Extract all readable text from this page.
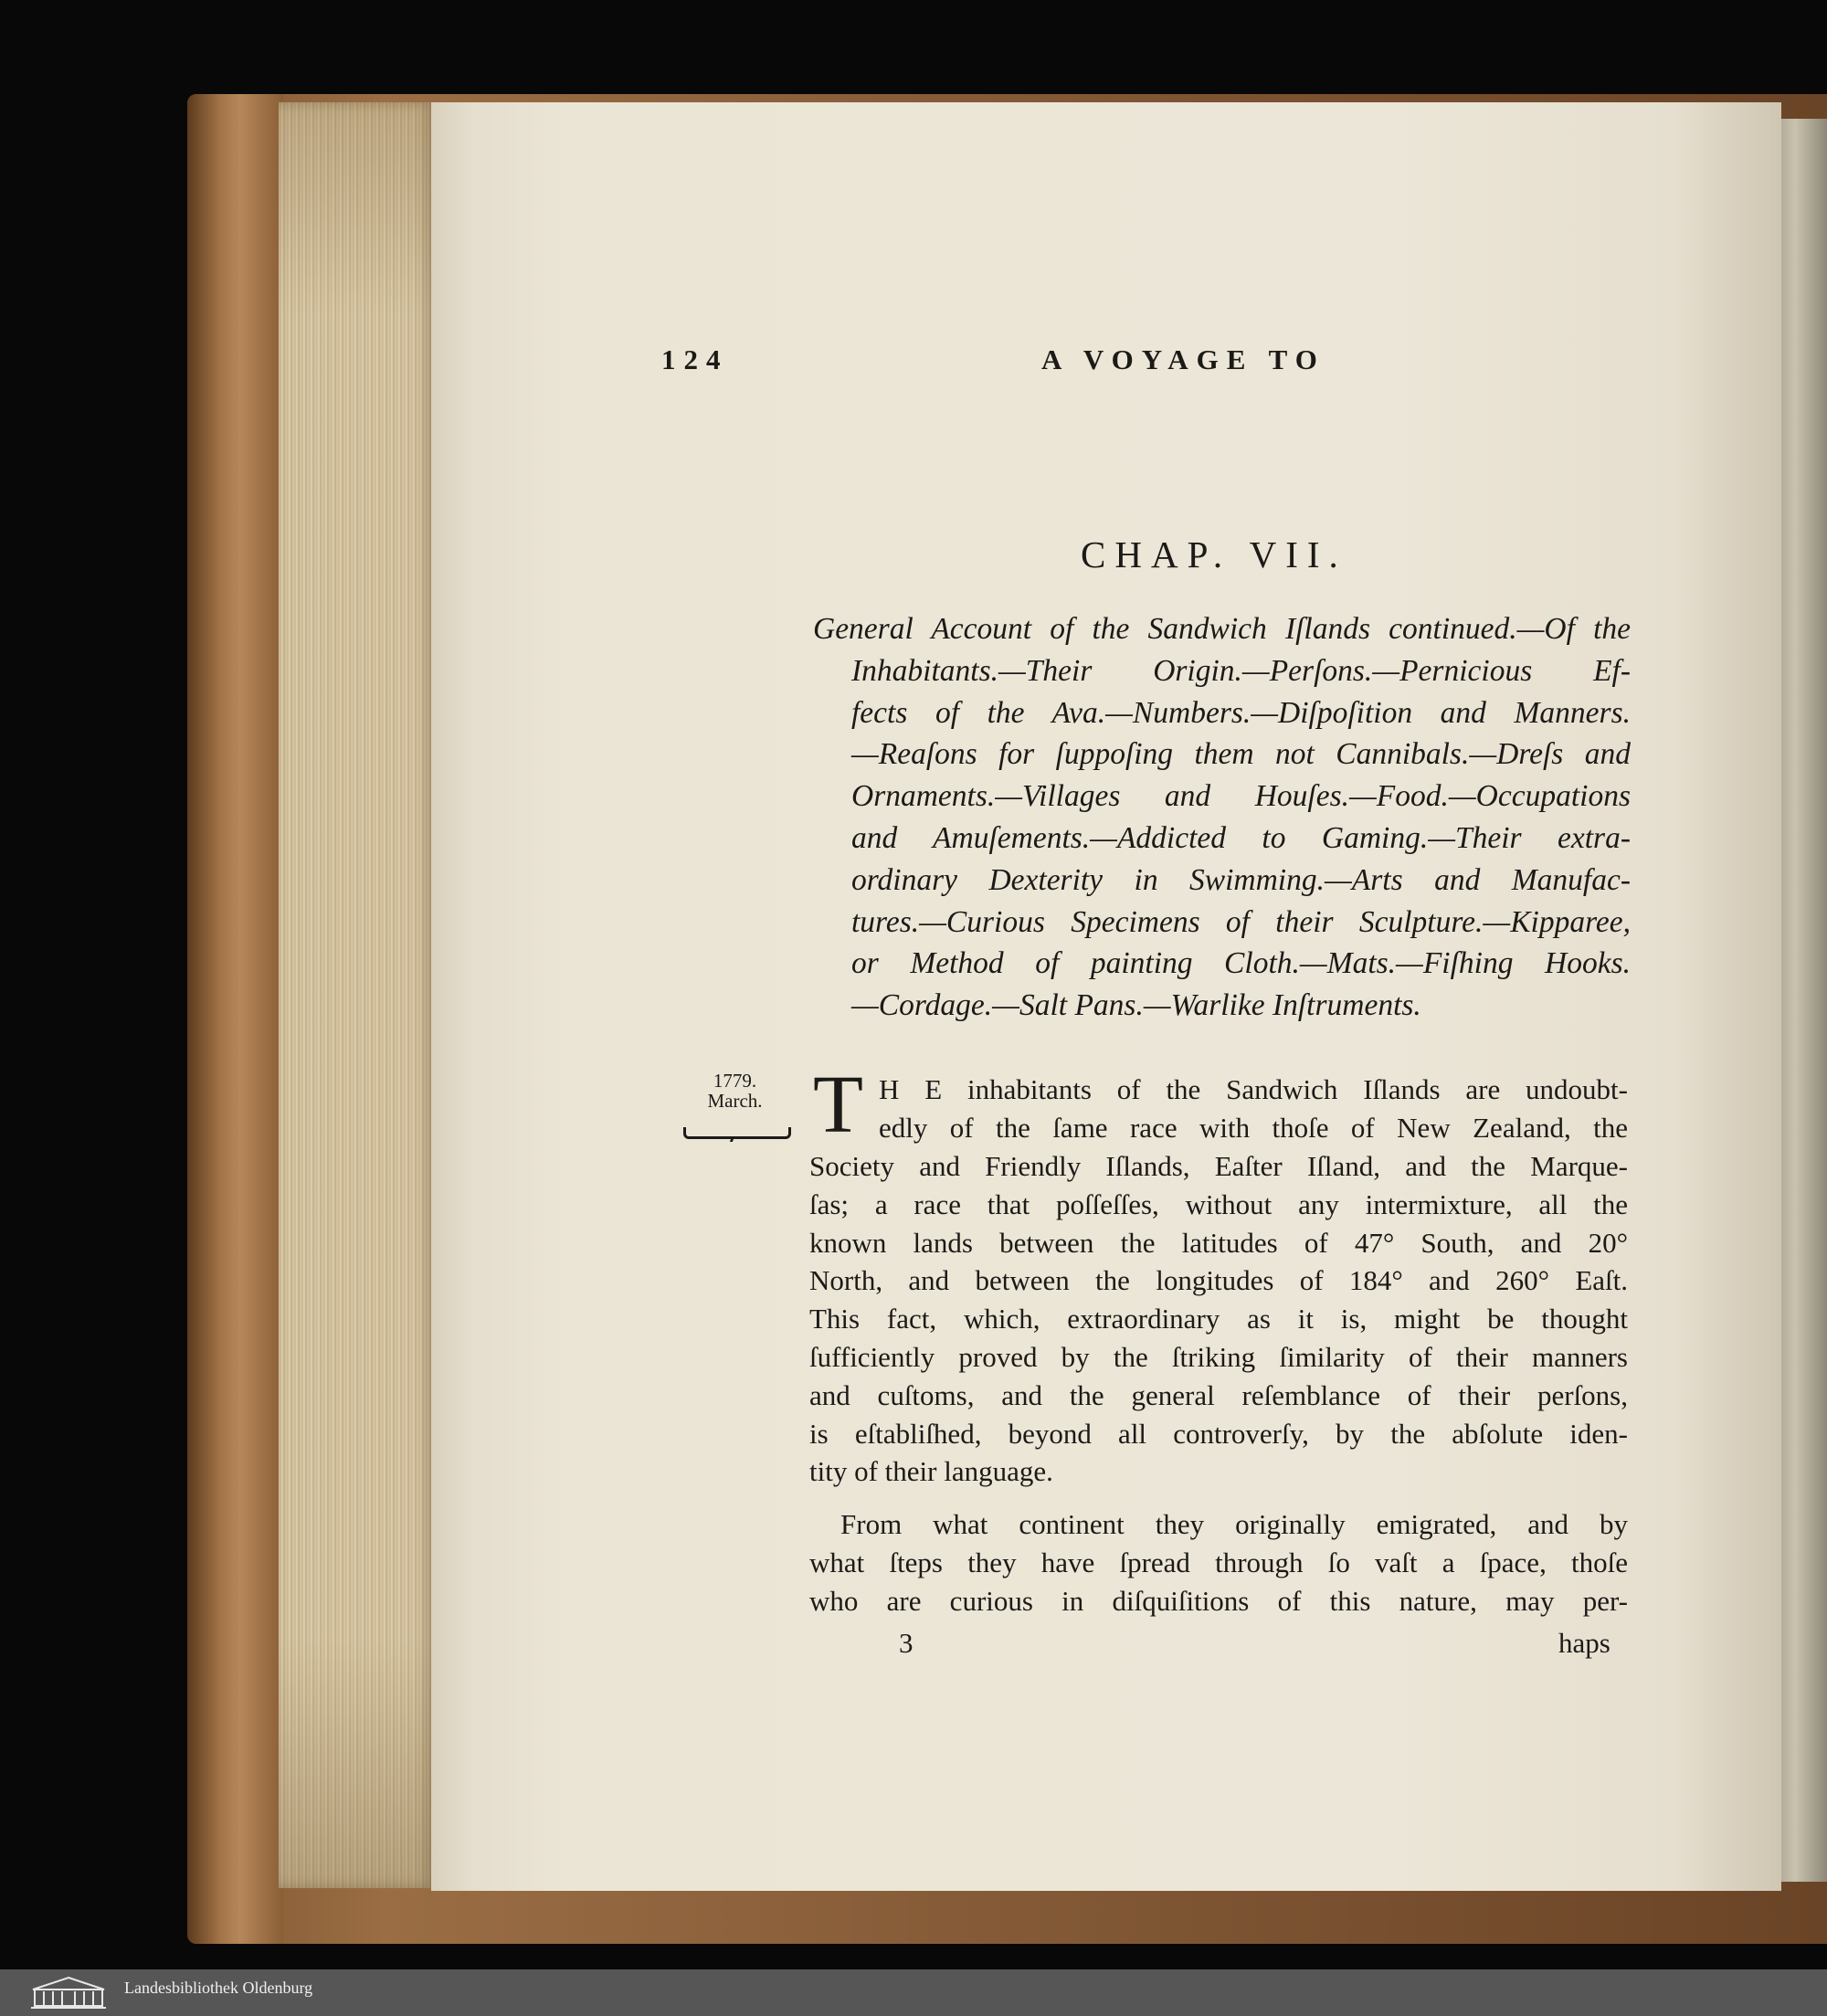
124	A VOYAGE TO
CHAP. VII.
General Account of the Sandwich Iſlands continued.—Of the
Inhabitants.—Their Origin.—Perſons.—Pernicious Ef-
fects of the Ava.—Numbers.—Diſpoſition and Manners.
—Reaſons for ſuppoſing them not Cannibals.—Dreſs and
Ornaments.—Villages and Houſes.—Food.—Occupations
and Amuſements.—Addicted to Gaming.—Their extra-
ordinary Dexterity in Swimming.—Arts and Manufac-
tures.—Curious Specimens of their Sculpture.—Kipparee,
or Method of painting Cloth.—Mats.—Fiſhing Hooks.
—Cordage.—Salt Pans.—Warlike Inſtruments.
1779.
March. T H E inhabitants of the Sandwich Iſlands are undoubt-
edly of the ſame race with thoſe of New Zealand, the
Society and Friendly Iſlands, Eaſter Iſland, and the Marque-
ſas; a race that poſſeſſes, without any intermixture, all the
known lands between the latitudes of 47° South, and 20°
North, and between the longitudes of 184° and 260° Eaſt.
This fact, which, extraordinary as it is, might be thought
ſufficiently proved by the ſtriking ſimilarity of their manners
and cuſtoms, and the general reſemblance of their perſons,
is eſtabliſhed, beyond all controverſy, by the abſolute iden-
tity of their language.
From what continent they originally emigrated, and by
what ſteps they have ſpread through ſo vaſt a ſpace, thoſe
who are curious in diſquiſitions of this nature, may per-
3	haps
Landesbibliothek Oldenburg
